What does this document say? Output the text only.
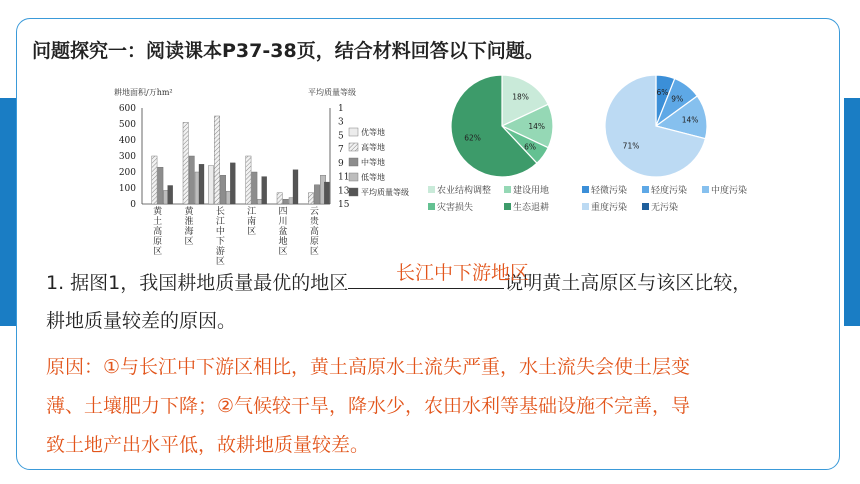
问题探究一：阅读课本P37-38页，结合材料回答以下问题。
耕地面积/万hm²	平均质量等级
600
500
400
300
200
100
0
1
3
5
7
9
11
13
15
黄
土
高
原
区
黄
淮
海
区
长
江
中
下
游
区
江
南
区
四
川
盆
地
区
云
贵
高
原
区
优等地
高等地
中等地
低等地
平均质量等级
18%
14%
6%
62%
农业结构调整 建设用地
灾害损失	生态退耕
6%
9%
14%
71%
轻微污染	轻度污染	中度污染
重度污染	无污染
1. 据图1，我国耕地质量最优的地区	说明黄土高原区与该区比较，
长江中下游地区
耕地质量较差的原因。
原因：①与长江中下游区相比，黄土高原水土流失严重，水土流失会使土层变
薄、土壤肥力下降；②气候较干旱，降水少，农田水利等基础设施不完善，导
致土地产出水平低，故耕地质量较差。
